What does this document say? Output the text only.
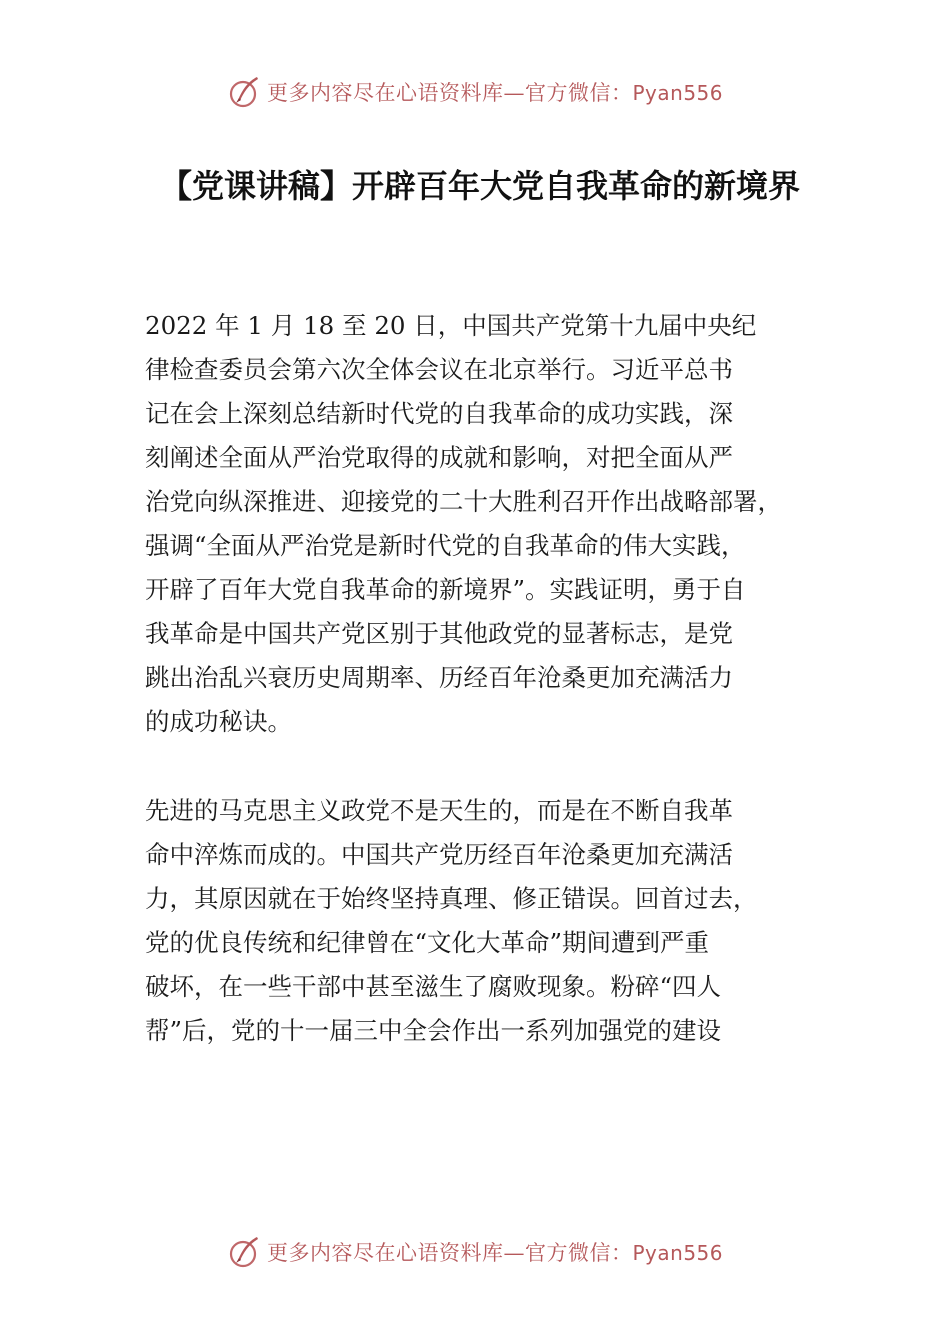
更多内容尽在心语资料库—官方微信：Pyan556
【党课讲稿】开辟百年大党自我革命的新境界

2022 年 1 月 18 至 20 日，中国共产党第十九届中央纪
律检查委员会第六次全体会议在北京举行。习近平总书
记在会上深刻总结新时代党的自我革命的成功实践，深
刻阐述全面从严治党取得的成就和影响，对把全面从严
治党向纵深推进、迎接党的二十大胜利召开作出战略部署，
强调“全面从严治党是新时代党的自我革命的伟大实践，
开辟了百年大党自我革命的新境界”。实践证明，勇于自
我革命是中国共产党区别于其他政党的显著标志，是党
跳出治乱兴衰历史周期率、历经百年沧桑更加充满活力
的成功秘诀。

先进的马克思主义政党不是天生的，而是在不断自我革
命中淬炼而成的。中国共产党历经百年沧桑更加充满活
力，其原因就在于始终坚持真理、修正错误。回首过去，
党的优良传统和纪律曾在“文化大革命”期间遭到严重
破坏，在一些干部中甚至滋生了腐败现象。粉碎“四人
帮”后，党的十一届三中全会作出一系列加强党的建设

更多内容尽在心语资料库—官方微信：Pyan556
